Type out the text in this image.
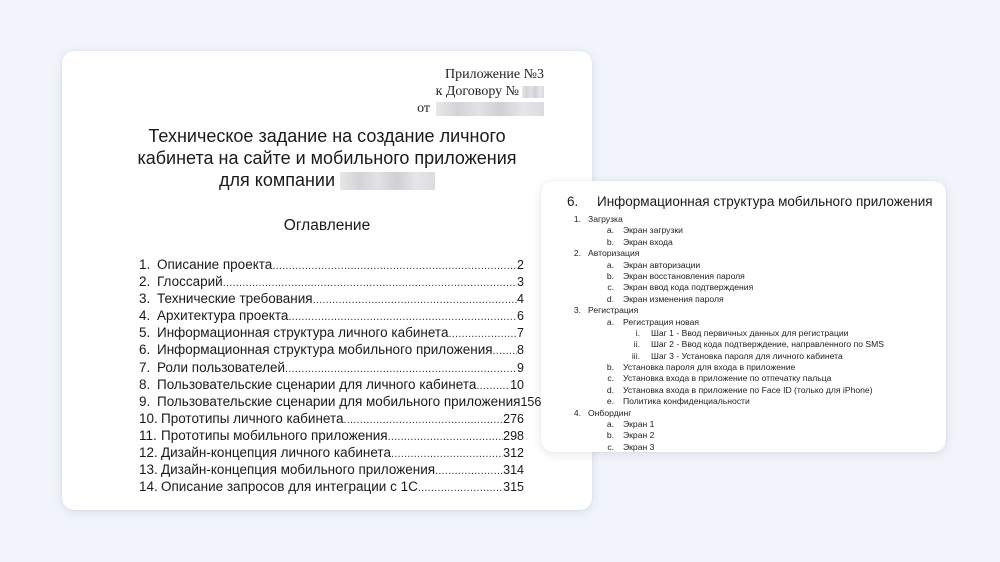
Приложение №3
к Договору №
от
Техническое задание на создание личного
кабинета на сайте и мобильного приложения
для компании
Оглавление
1. Описание проекта .....	2
2. Глоссарий .....	3
3. Технические требования .....	4
4. Архитектура проекта .....	6
5. Информационная структура личного кабинета .....	7
6. Информационная структура мобильного приложения ..... 8
7. Роли пользователей .....	9
8. Пользовательские сценарии для личного кабинета .....	10
9. Пользовательские сценарии для мобильного приложения 156
10. Прототипы личного кабинета .....	276
11. Прототипы мобильного приложения .....	298
12. Дизайн-концепция личного кабинета .....	312
13. Дизайн-концепция мобильного приложения .....	314
14. Описание запросов для интеграции с 1С .....	315
6.	Информационная структура мобильного приложения
1. Загрузка
a.	Экран загрузки
b.	Экран входа
2. Авторизация
a.	Экран авторизации
b.	Экран восстановления пароля
c.	Экран ввод кода подтверждения
d.	Экран изменения пароля
3. Регистрация
a.	Регистрация новая
i.	Шаг 1 - Ввод первичных данных для регистрации
ii.	Шаг 2 - Ввод кода подтверждение, направленного по SMS
iii.	Шаг 3 - Установка пароля для личного кабинета
b.	Установка пароля для входа в приложение
c.	Установка входа в приложение по отпечатку пальца
d.	Установка входа в приложение по Face ID (только для iPhone)
e.	Политика конфиденциальности
4. Онбординг
a.	Экран 1
b.	Экран 2
c.	Экран 3
